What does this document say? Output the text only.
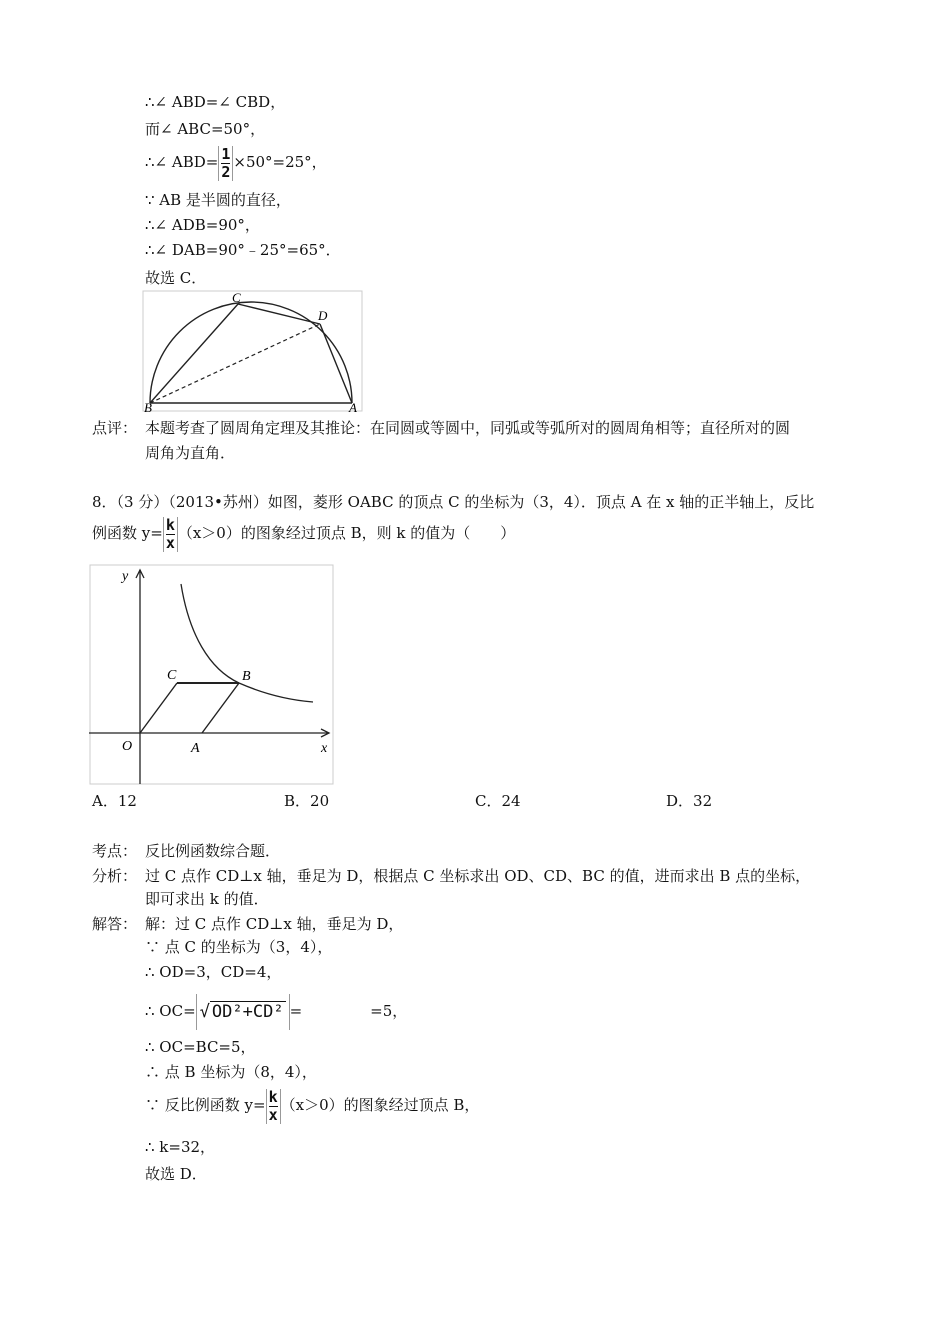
∴∠ ABD=∠ CBD，
而∠ ABC=50°，
∴∠ $ABD= \frac{1}{2} \times 50^\circ=25^\circ$，
∵ AB 是半圆的直径，
∴∠ ADB=90°，
∴∠ DAB=90°﹣25°=65°．
故选 C．
C
D
B	A
点评： 本题考查了圆周角定理及其推论：在同圆或等圆中，同弧或等弧所对的圆周角相等；直径所对的圆
周角为直角．
8．（3 分）（2013•苏州）如图，菱形 OABC 的顶点 C 的坐标为（3，4）．顶点 A 在 x 轴的正半轴上，反比
例函数 $y= \frac{k}{x} (x>0)$的图象经过顶点 B，则 k 的值为（　　）
y
x
O	A
B
C
A．12	B．20	C．24	D．32
考点： 反比例函数综合题．
分析： 过 C 点作 CD⊥x 轴，垂足为 D，根据点 C 坐标求出 OD、CD、BC 的值，进而求出 B 点的坐标，
即可求出 k 的值．
解答： 解：过 C 点作 CD⊥x 轴，垂足为 D，
∵ 点 C 的坐标为（3，4），
∴ OD=3，CD=4，
∴ OC= √ OD²+CD² =	=5，
∴ OC=BC=5，
∴ 点 B 坐标为（8，4），
∵ 反比例函数 $y= \frac{k}{x} (x>0)$的图象经过顶点 B，
∴ k=32，
故选 D．
